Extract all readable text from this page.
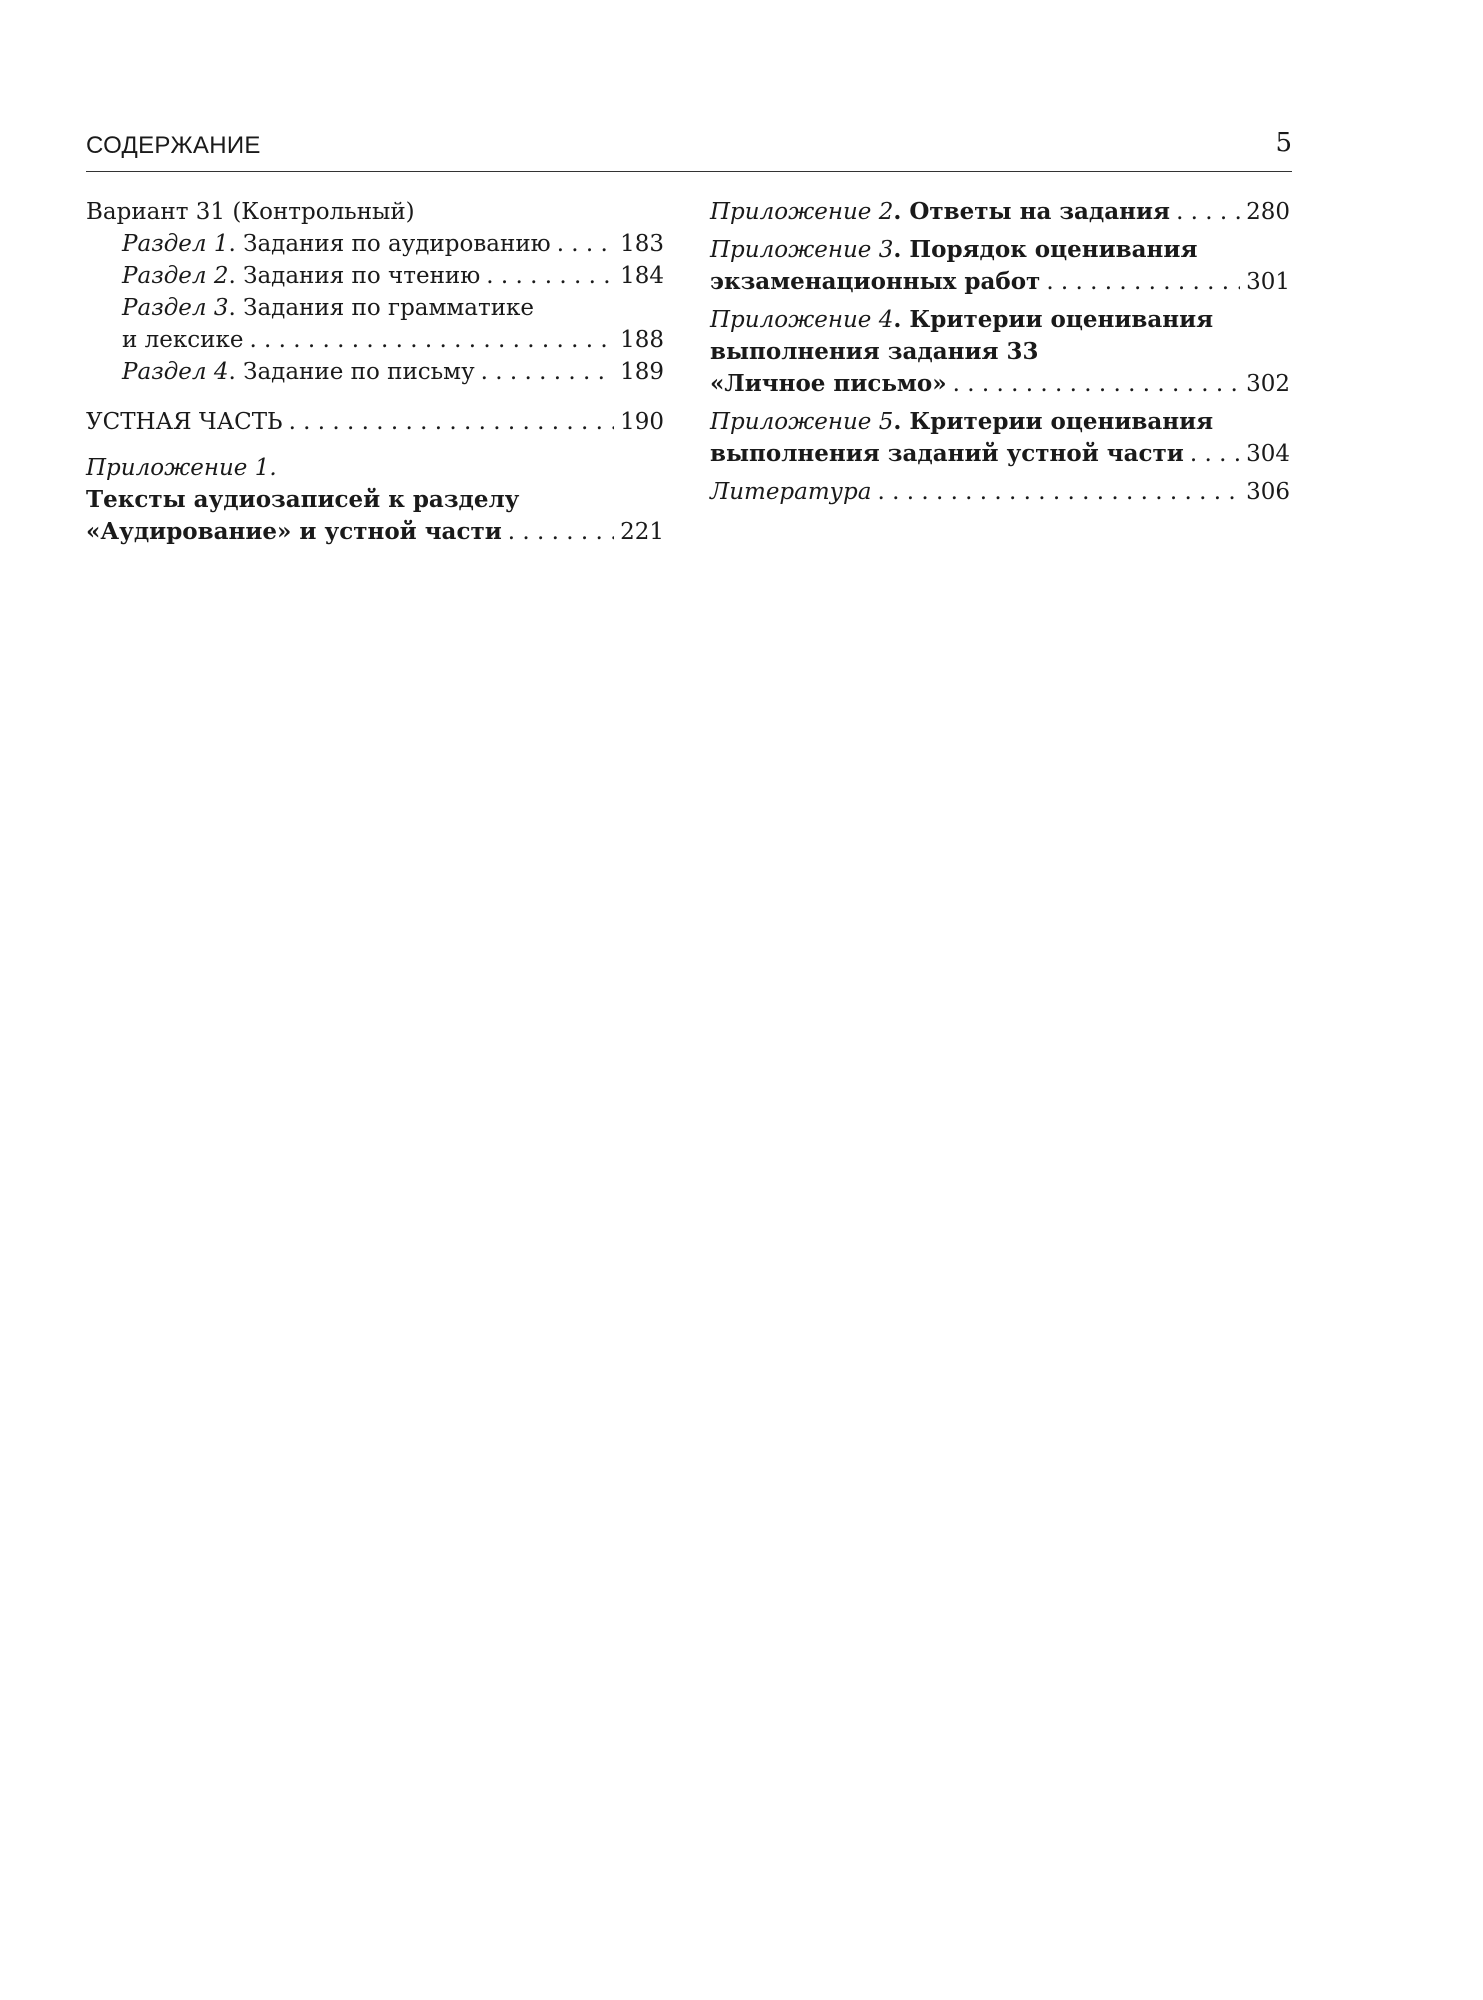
СОДЕРЖАНИЕ	5
Вариант 31 (Контрольный)
Раздел 1. Задания по аудированию . . .	183
Раздел 2. Задания по чтению . . .	184
Раздел 3. Задания по грамматике
и лексике . . .	188
Раздел 4. Задание по письму . . .	189
УСТНАЯ ЧАСТЬ . . .	190
Приложение 1.
Тексты аудиозаписей к разделу
«Аудирование» и устной части . . .	221
Приложение 2. Ответы на задания . . .	280
Приложение 3. Порядок оценивания
экзаменационных работ . . .	301
Приложение 4. Критерии оценивания
выполнения задания 33
«Личное письмо» . . .	302
Приложение 5. Критерии оценивания
выполнения заданий устной части . . .	304
Литература . . .	306
